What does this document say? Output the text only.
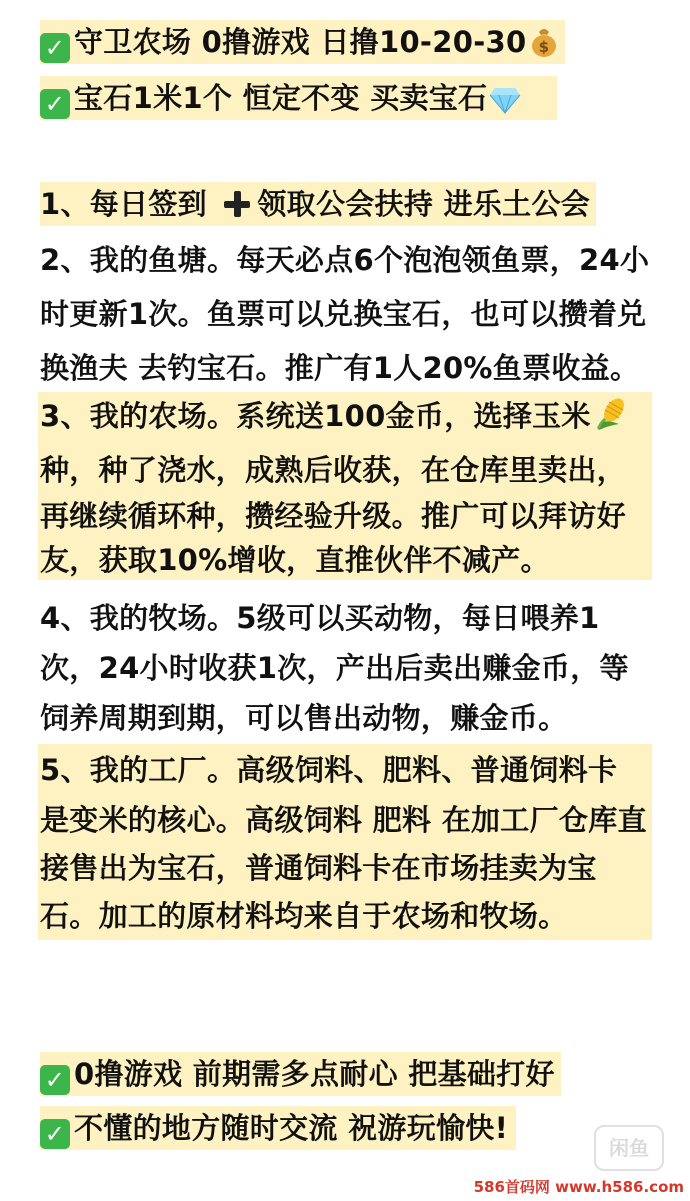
✓ 守卫农场 0撸游戏 日撸10-20-30 $
✓ 宝石1米1个 恒定不变 买卖宝石
1、每日签到 领取公会扶持 进乐土公会
2、我的鱼塘。每天必点6个泡泡领鱼票，24小
时更新1次。鱼票可以兑换宝石，也可以攒着兑
换渔夫 去钓宝石。推广有1人20%鱼票收益。
3、我的农场。系统送100金币，选择玉米
种，种了浇水，成熟后收获，在仓库里卖出，
再继续循环种，攒经验升级。推广可以拜访好
友，获取10%增收，直推伙伴不减产。
4、我的牧场。5级可以买动物，每日喂养1
次，24小时收获1次，产出后卖出赚金币，等
饲养周期到期，可以售出动物，赚金币。
5、我的工厂。高级饲料、肥料、普通饲料卡
是变米的核心。高级饲料 肥料 在加工厂仓库直
接售出为宝石，普通饲料卡在市场挂卖为宝
石。加工的原材料均来自于农场和牧场。
✓ 0撸游戏 前期需多点耐心 把基础打好
✓ 不懂的地方随时交流 祝游玩愉快!
闲鱼
586首码网 www.h586.com
